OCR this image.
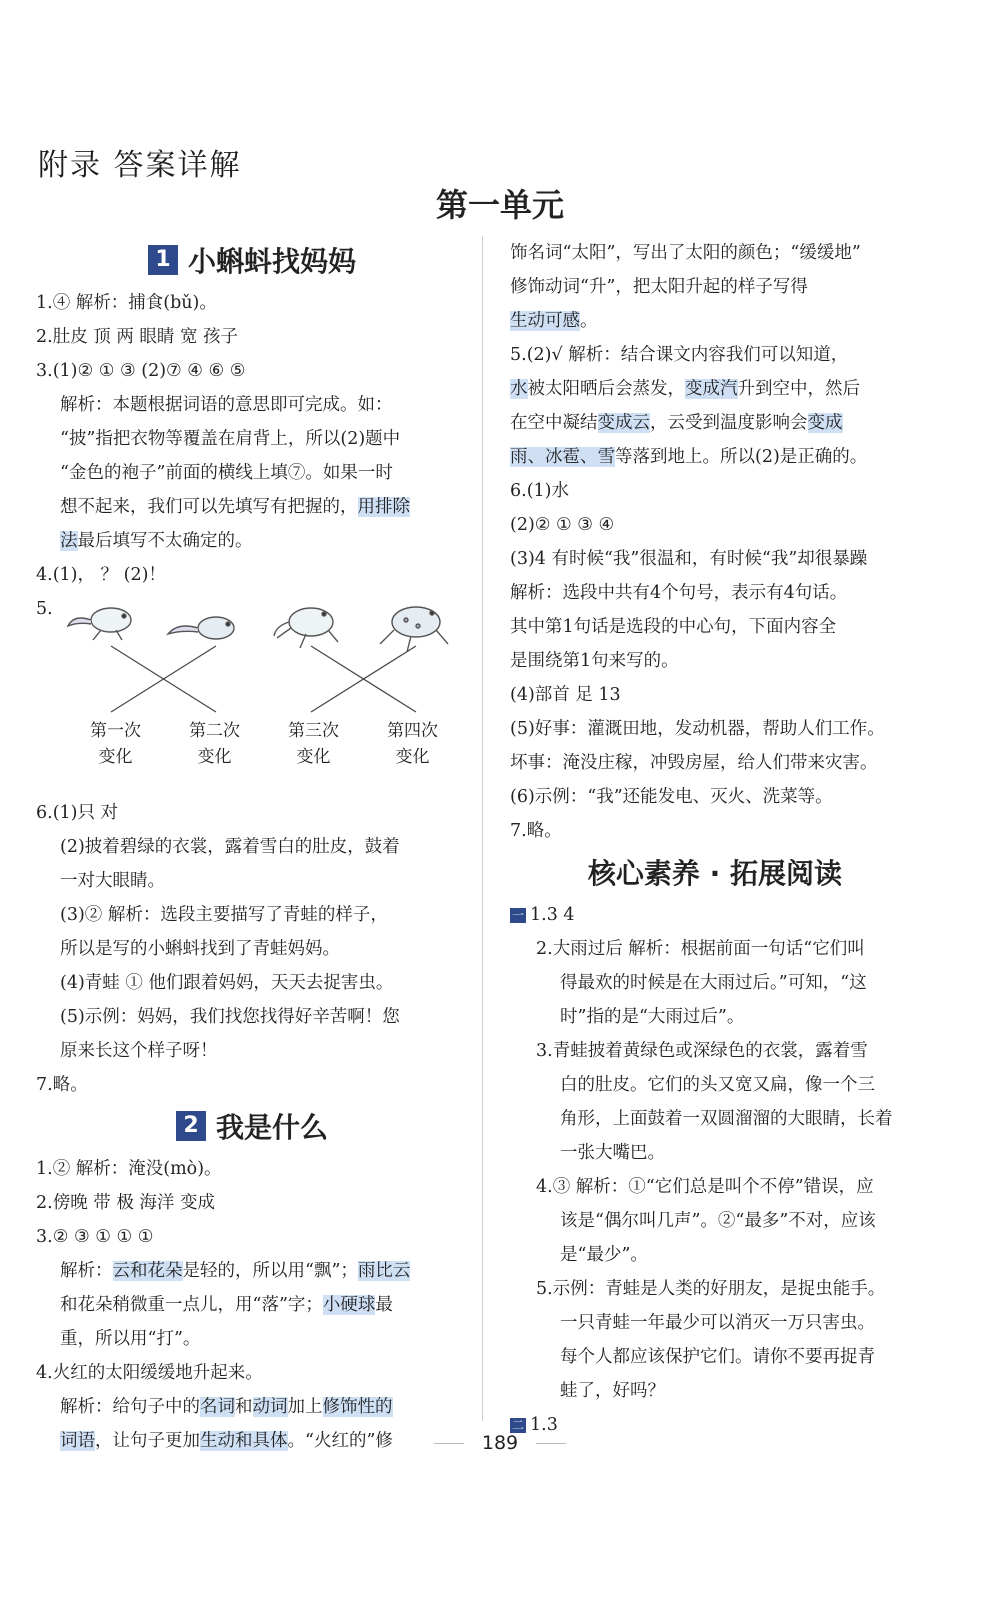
附录 答案详解
第一单元
1 小蝌蚪找妈妈
1.④ 解析：捕食(bǔ)。
2.肚皮 顶 两 眼睛 宽 孩子
3.(1)② ① ③ (2)⑦ ④ ⑥ ⑤
解析：本题根据词语的意思即可完成。如：
“披”指把衣物等覆盖在肩背上，所以(2)题中
“金色的袍子”前面的横线上填⑦。如果一时
想不起来，我们可以先填写有把握的，用排除
法最后填写不太确定的。
4.(1)， ？ (2)！
5.
第一次
变化
第二次
变化
第三次
变化
第四次
变化
6.(1)只 对
(2)披着碧绿的衣裳，露着雪白的肚皮，鼓着
一对大眼睛。
(3)② 解析：选段主要描写了青蛙的样子，
所以是写的小蝌蚪找到了青蛙妈妈。
(4)青蛙 ① 他们跟着妈妈，天天去捉害虫。
(5)示例：妈妈，我们找您找得好辛苦啊！您
原来长这个样子呀！
7.略。
2 我是什么
1.② 解析：淹没(mò)。
2.傍晚 带 极 海洋 变成
3.② ③ ① ① ①
解析：云和花朵是轻的，所以用“飘”；雨比云
和花朵稍微重一点儿，用“落”字；小硬球最
重，所以用“打”。
4.火红的太阳缓缓地升起来。
解析：给句子中的名词和动词加上修饰性的
词语，让句子更加生动和具体。“火红的”修
饰名词“太阳”，写出了太阳的颜色；“缓缓地”
修饰动词“升”，把太阳升起的样子写得
生动可感。
5.(2)√ 解析：结合课文内容我们可以知道，
水被太阳晒后会蒸发，变成汽升到空中，然后
在空中凝结变成云，云受到温度影响会变成
雨、冰雹、雪等落到地上。所以(2)是正确的。
6.(1)水
(2)② ① ③ ④
(3)4 有时候“我”很温和，有时候“我”却很暴躁
解析：选段中共有4个句号，表示有4句话。
其中第1句话是选段的中心句，下面内容全
是围绕第1句来写的。
(4)部首 足 13
(5)好事：灌溉田地，发动机器，帮助人们工作。
坏事：淹没庄稼，冲毁房屋，给人们带来灾害。
(6)示例：“我”还能发电、灭火、洗菜等。
7.略。
核心素养 · 拓展阅读
一 1.3 4
2.大雨过后 解析：根据前面一句话“它们叫
得最欢的时候是在大雨过后。”可知，“这
时”指的是“大雨过后”。
3.青蛙披着黄绿色或深绿色的衣裳，露着雪
白的肚皮。它们的头又宽又扁，像一个三
角形，上面鼓着一双圆溜溜的大眼睛，长着
一张大嘴巴。
4.③ 解析：①“它们总是叫个不停”错误，应
该是“偶尔叫几声”。②“最多”不对，应该
是“最少”。
5.示例：青蛙是人类的好朋友，是捉虫能手。
一只青蛙一年最少可以消灭一万只害虫。
每个人都应该保护它们。请你不要再捉青
蛙了，好吗？
二 1.3
189
